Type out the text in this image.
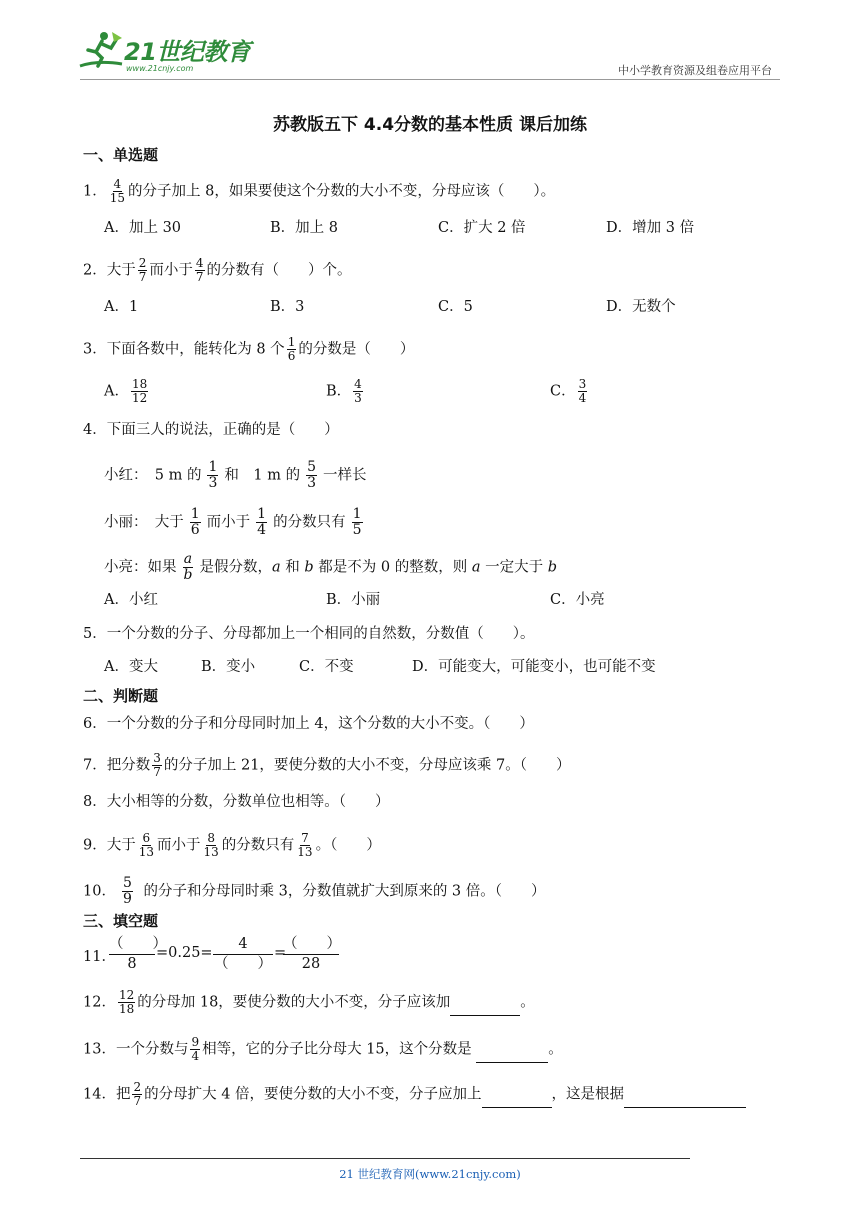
21世纪教育
www.21cnjy.com	中小学教育资源及组卷应用平台
苏教版五下 4.4分数的基本性质 课后加练
一、单选题
1． $\frac{4}{15}$ 的分子加上 8，如果要使这个分数的大小不变，分母应该（　　）。
A．加上 30	B．加上 8	C．扩大 2 倍	D．增加 3 倍
2．大于 $\frac{2}{7}$ 而小于 $\frac{4}{7}$ 的分数有（　　）个。
A．1	B．3	C．5	D．无数个
3．下面各数中，能转化为 8 个 $\frac{1}{6}$ 的分数是（　　）
A． $\frac{18}{12}$	B． $\frac{4}{3}$	C． $\frac{3}{4}$
4．下面三人的说法，正确的是（　　）
小红：　5 m 的 $\frac{1}{3}$ 和　1 m 的 $\frac{5}{3}$ 一样长
小丽：　大于 $\frac{1}{6}$ 而小于 $\frac{1}{4}$ 的分数只有 $\frac{1}{5}$
小亮：如果 $\frac{a}{b}$ 是假分数，a 和 b 都是不为 0 的整数，则 a 一定大于 b
A．小红	B．小丽	C．小亮
5．一个分数的分子、分母都加上一个相同的自然数，分数值（　　）。
A．变大	B．变小	C．不变	D．可能变大，可能变小，也可能不变
二、判断题
6．一个分数的分子和分母同时加上 4，这个分数的大小不变。（　　）
7．把分数 $\frac{3}{7}$ 的分子加上 21，要使分数的大小不变，分母应该乘 7。（　　）
8．大小相等的分数，分数单位也相等。（　　）
9．大于 $\frac{6}{13}$ 而小于 $\frac{8}{13}$ 的分数只有 $\frac{7}{13}$ 。（　　）
10． $\frac{5}{9}$ 的分子和分母同时乘 3，分数值就扩大到原来的 3 倍。（　　）
三、填空题
11．
（　　）
8
=0.25=
4
（　　）
=
（　　）
28
12． $\frac{12}{18}$ 的分母加 18，要使分数的大小不变，分子应该加	。
13．一个分数与 $\frac{9}{4}$ 相等，它的分子比分母大 15，这个分数是	。
14．把 $\frac{2}{7}$ 的分母扩大 4 倍，要使分数的大小不变，分子应加上	，这是根据
21 世纪教育网(www.21cnjy.com)
